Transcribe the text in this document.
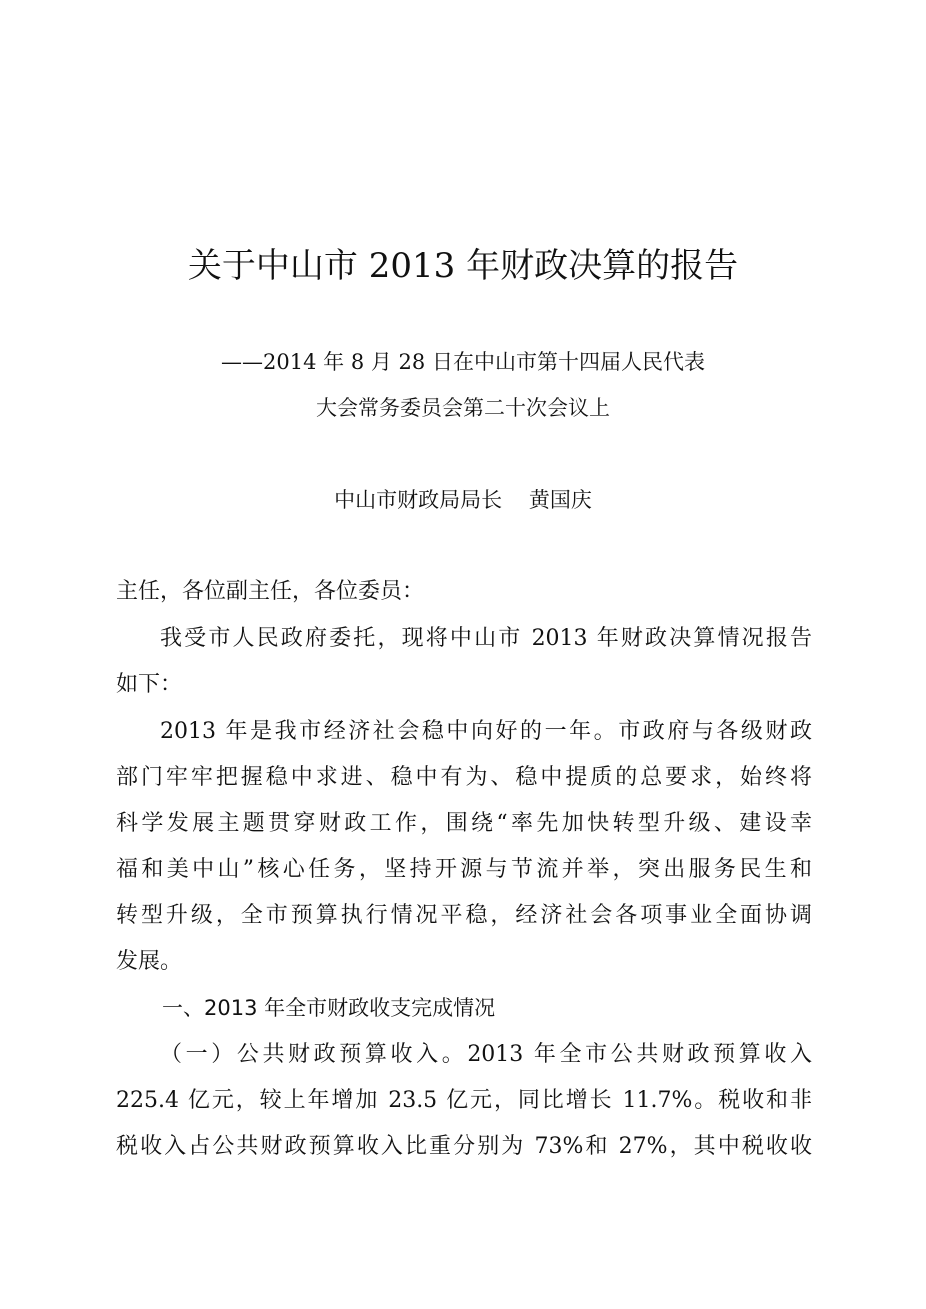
关于中山市 2013 年财政决算的报告
——2014 年 8 月 28 日在中山市第十四届人民代表
大会常务委员会第二十次会议上
中山市财政局局长    黄国庆
主任，各位副主任，各位委员：
我受市人民政府委托，现将中山市 2013 年财政决算情况报告
如下：
2013 年是我市经济社会稳中向好的一年。市政府与各级财政
部门牢牢把握稳中求进、稳中有为、稳中提质的总要求，始终将
科学发展主题贯穿财政工作，围绕“率先加快转型升级、建设幸
福和美中山”核心任务，坚持开源与节流并举，突出服务民生和
转型升级，全市预算执行情况平稳，经济社会各项事业全面协调
发展。
一、2013 年全市财政收支完成情况
（一）公共财政预算收入。2013 年全市公共财政预算收入
225.4 亿元，较上年增加 23.5 亿元，同比增长 11.7%。税收和非
税收入占公共财政预算收入比重分别为 73%和 27%，其中税收收
